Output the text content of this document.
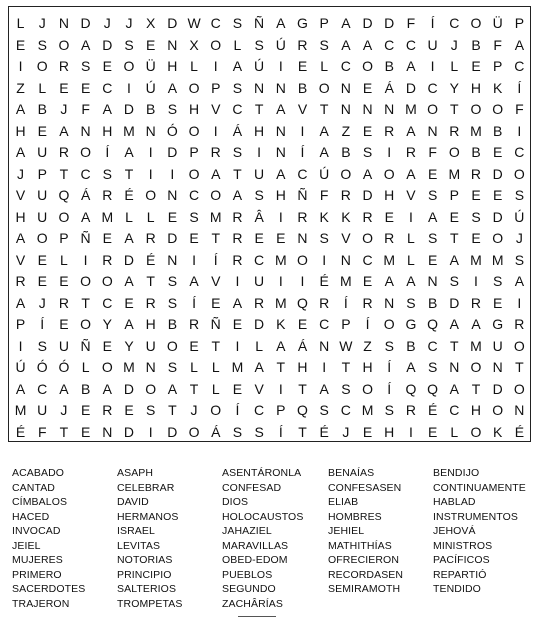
L	J N D J	J X D W C S Ñ A G P A D D F	Í	C O Ü P
E S O A D S E N X O L S Ú R S A A C C U J B F A
I	O R S E O Ü H L	I	A Ú	I	E L C O B A	I	L E P C
Z L E E C	I	Ú A O P S N N B O N E Á D C Y H K	Í
A B J F A D B S H V C T A V T N N N M O T O O F
H E A N H M N Ó O	I	Á H N	I	A Z E R A N R M B	I
A U R O	Í	A	I	D P R S	I	N	Í	A B S	I	R F O B E C
J P T C S T	I	I	O A T U A C Ú O A O A E M R D O
V U Q Á R É O N C O A S H Ñ F R D H V S P E E S
H U O A M L L E S M R Â	I	R K K R E	I	A E S D Ú
A O P Ñ E A R D E T R E E N S V O R L S T E O J
V E L	I	R D É N	I	Í	R C M O	I	N C M L E A M M S
R E E O O A T S A V	I	U	I	I	É M E A A N S	I	S A
A J R T C E R S	Í	E A R M Q R	Í	R N S B D R E	I
P	Í	E O Y A H B R Ñ E D K E C P	Í	O G Q A A G R
I	S U Ñ E Y U O E T	I	L A Á N W Z S B C T M U O
Ú Ó Ó L O M N S L L M A T H	I	T H	Í	A S N O N T
A C A B A D O A T L E V	I	T A S O	Í	Q Q A T D O
M U J E R E S T J O	Í	C P Q S C M S R É C H O N
É F T E N D	I	D O Á S S	Í	T É J E H	I	E L O K É
ACABADO
CANTAD
CÍMBALOS
HACED
INVOCAD
JEIEL
MUJERES
PRIMERO
SACERDOTES
TRAJERON
ASAPH
CELEBRAR
DAVID
HERMANOS
ISRAEL
LEVITAS
NOTORIAS
PRINCIPIO
SALTERIOS
TROMPETAS
ASENTÁRONLA
CONFESAD
DIOS
HOLOCAUSTOS
JAHAZIEL
MARAVILLAS
OBED-EDOM
PUEBLOS
SEGUNDO
ZACHÂRÍAS
BENAÍAS
CONFESASEN
ELIAB
HOMBRES
JEHIEL
MATHITHÍAS
OFRECIERON
RECORDASEN
SEMIRAMOTH
BENDIJO
CONTINUAMENTE
HABLAD
INSTRUMENTOS
JEHOVÁ
MINISTROS
PACÍFICOS
REPARTIÓ
TENDIDO
